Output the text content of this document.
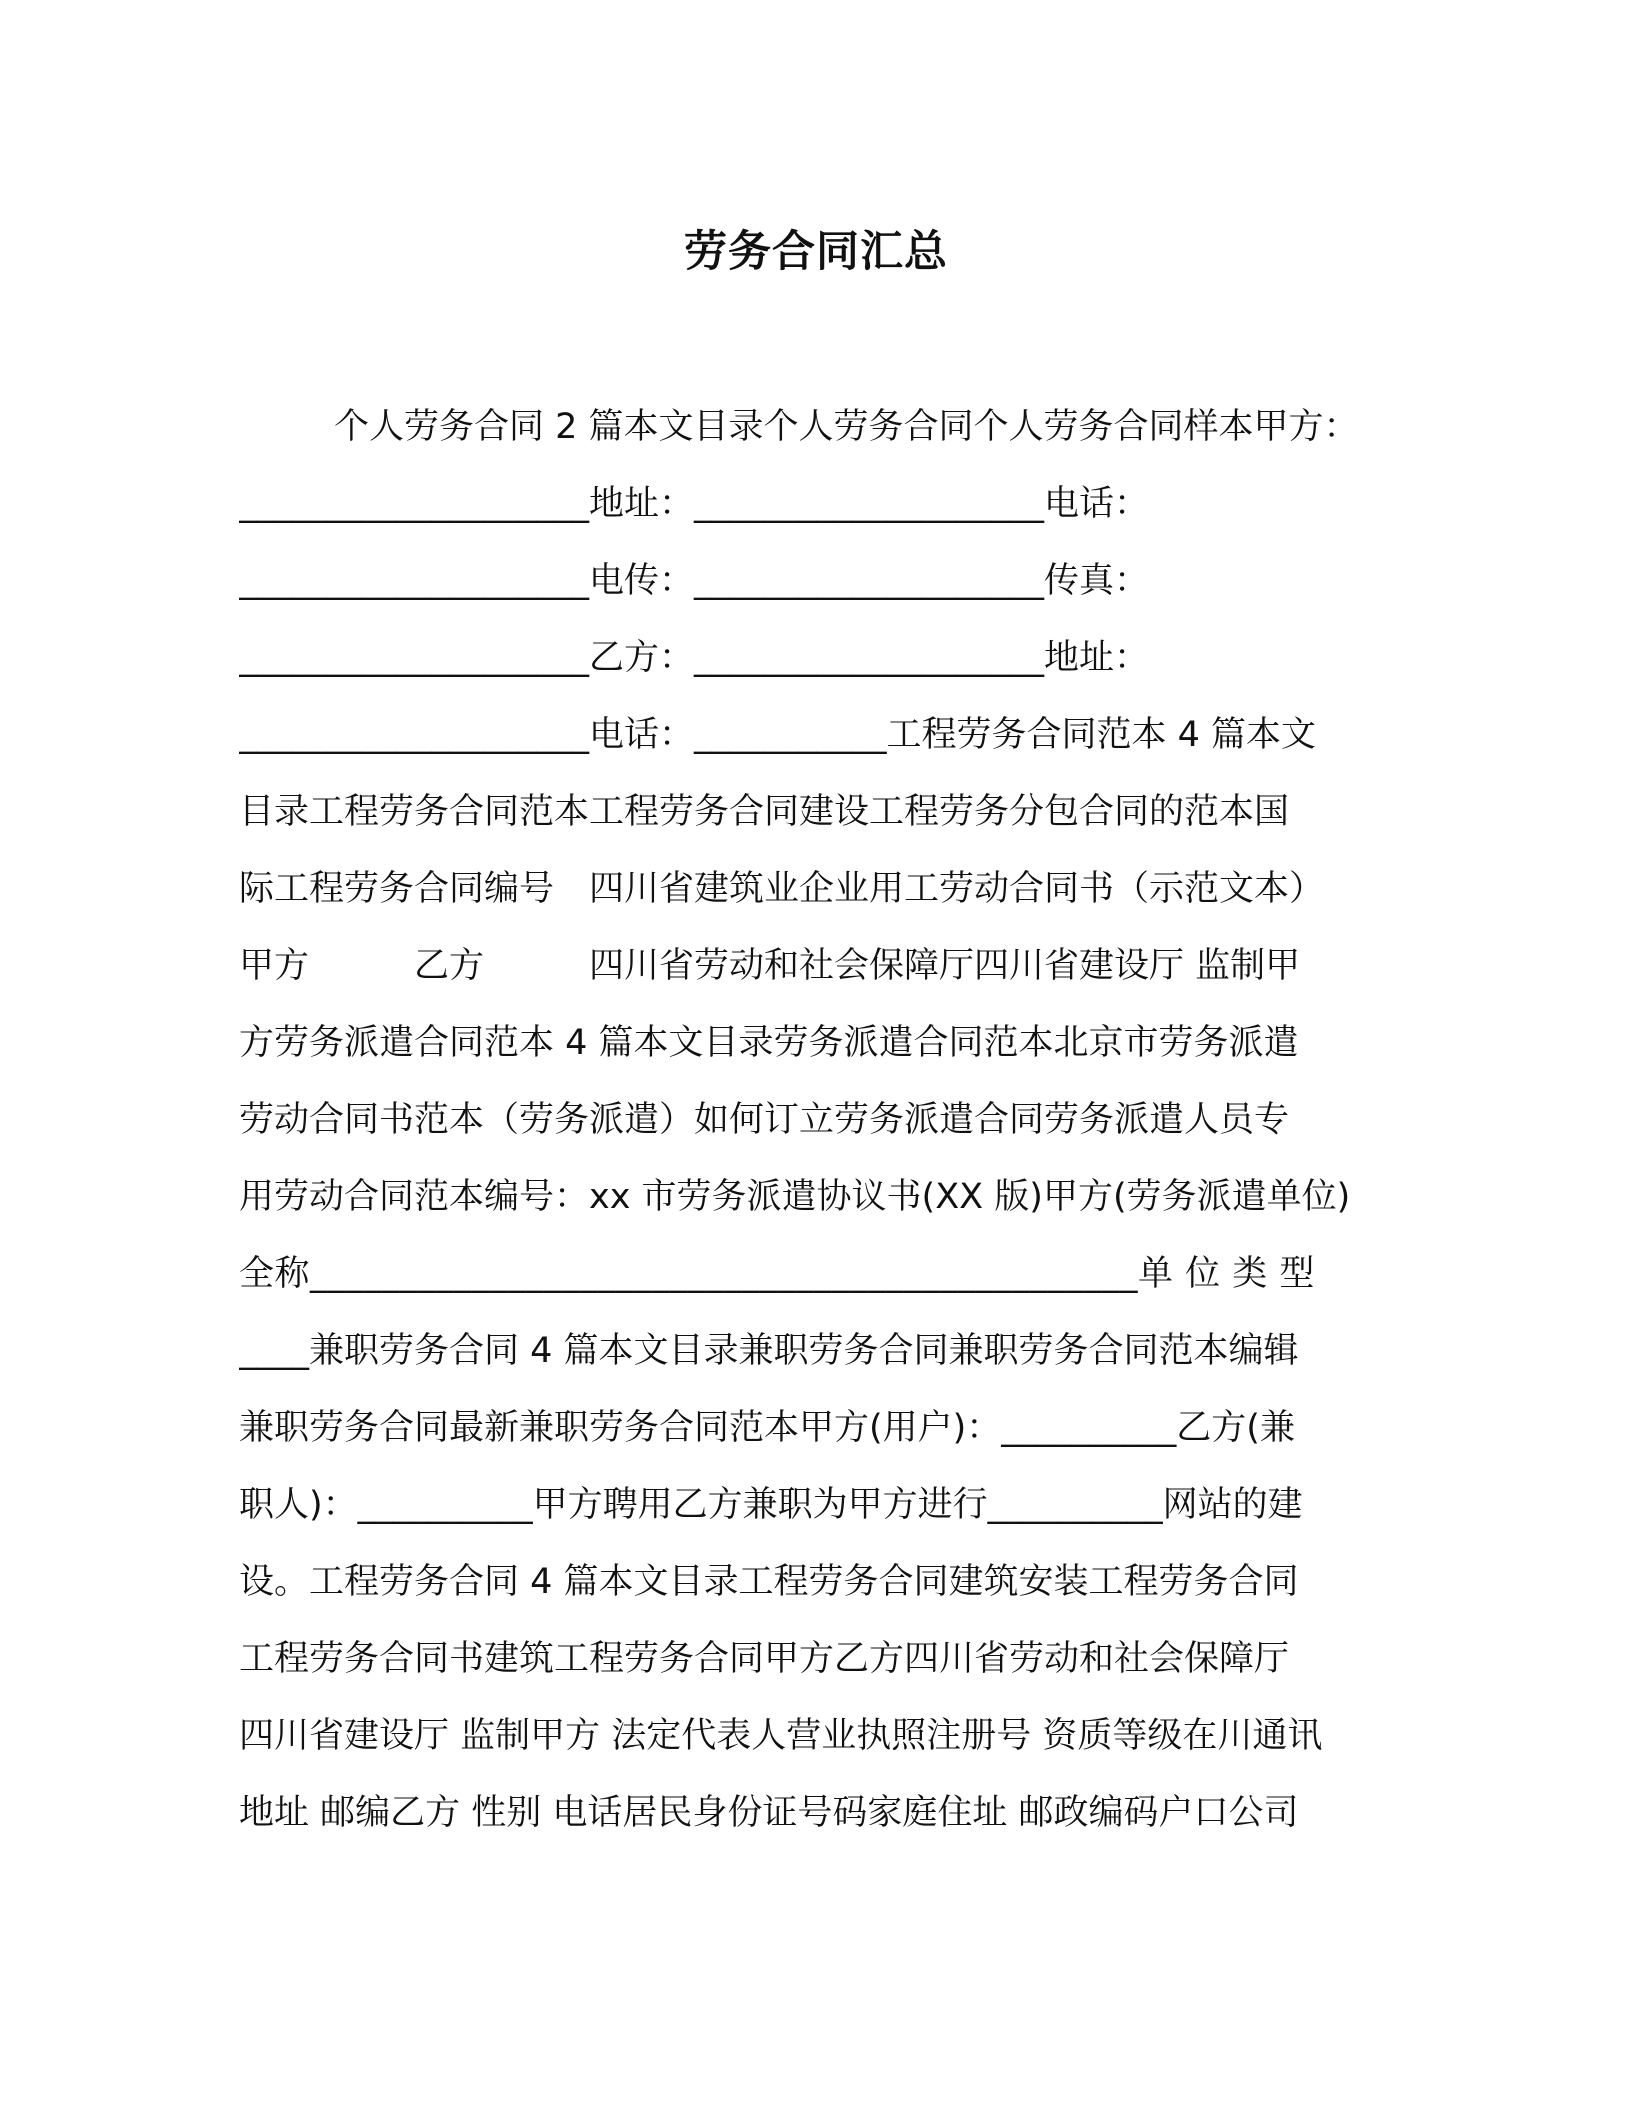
劳务合同汇总
个人劳务合同 2 篇本文目录个人劳务合同个人劳务合同样本甲方：
____________________地址：____________________电话：
____________________电传：____________________传真：
____________________乙方：____________________地址：
____________________电话：___________工程劳务合同范本 4 篇本文
目录工程劳务合同范本工程劳务合同建设工程劳务分包合同的范本国
际工程劳务合同编号　四川省建筑业企业用工劳动合同书（示范文本）
甲方　　　乙方　　　四川省劳动和社会保障厅四川省建设厅 监制甲
方劳务派遣合同范本 4 篇本文目录劳务派遣合同范本北京市劳务派遣
劳动合同书范本（劳务派遣）如何订立劳务派遣合同劳务派遣人员专
用劳动合同范本编号：xx 市劳务派遣协议书(XX 版)甲方(劳务派遣单位)
全称______________________________________________单 位 类 型
____兼职劳务合同 4 篇本文目录兼职劳务合同兼职劳务合同范本编辑
兼职劳务合同最新兼职劳务合同范本甲方(用户)：__________乙方(兼
职人)：__________甲方聘用乙方兼职为甲方进行__________网站的建
设。工程劳务合同 4 篇本文目录工程劳务合同建筑安装工程劳务合同
工程劳务合同书建筑工程劳务合同甲方乙方四川省劳动和社会保障厅
四川省建设厅 监制甲方 法定代表人营业执照注册号 资质等级在川通讯
地址 邮编乙方 性别 电话居民身份证号码家庭住址 邮政编码户口公司
